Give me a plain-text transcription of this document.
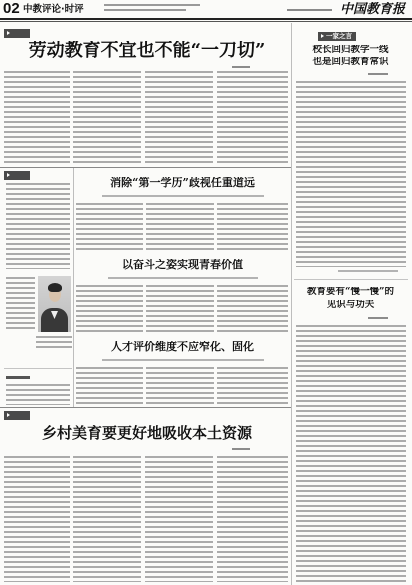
02 中教评论·时评	中国教育报
劳动教育不宜也不能“一刀切”
一家之言
校长回归教学一线
也是回归教育常识
教育要有“慢一慢”的
见识与功夫
消除“第一学历”歧视任重道远
以奋斗之姿实现青春价值
人才评价维度不应窄化、固化
乡村美育要更好地吸收本土资源
